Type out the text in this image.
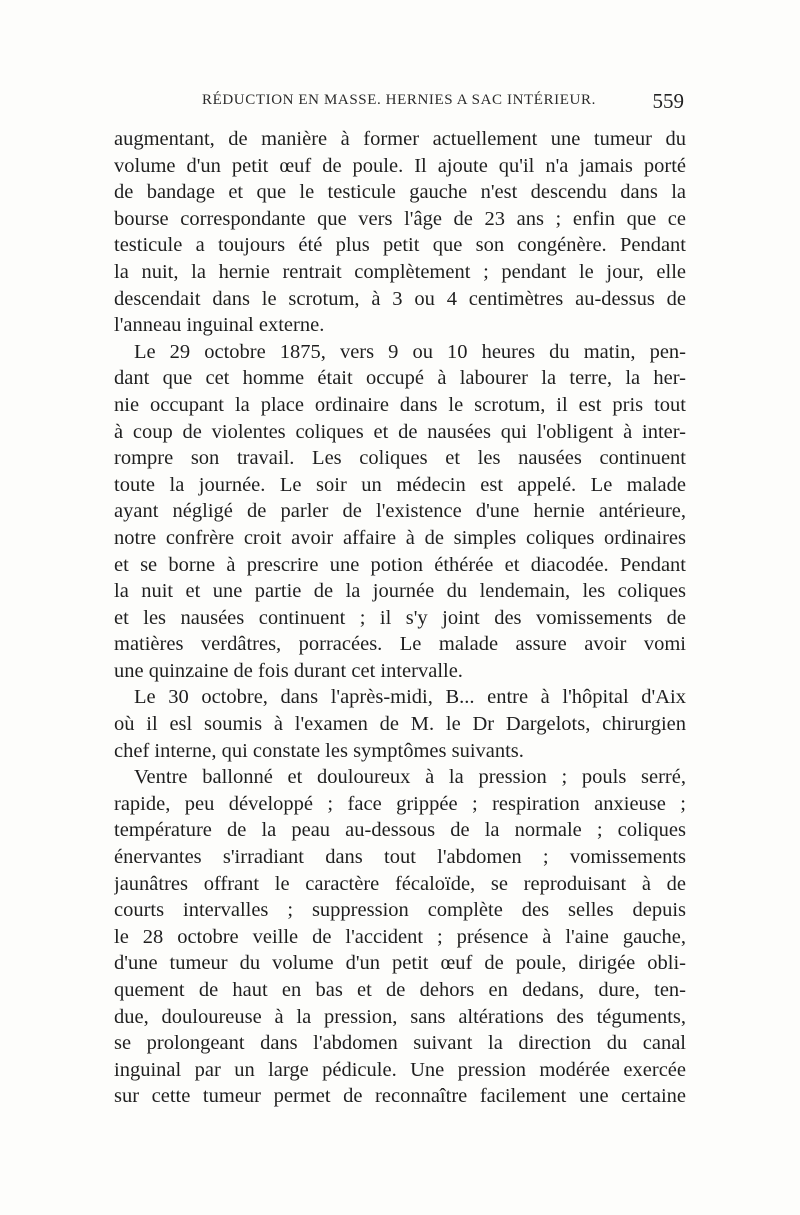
RÉDUCTION EN MASSE. HERNIES A SAC INTÉRIEUR.	559
augmentant, de manière à former actuellement une tumeur du
volume d'un petit œuf de poule. Il ajoute qu'il n'a jamais porté
de bandage et que le testicule gauche n'est descendu dans la
bourse correspondante que vers l'âge de 23 ans ; enfin que ce
testicule a toujours été plus petit que son congénère. Pendant
la nuit, la hernie rentrait complètement ; pendant le jour, elle
descendait dans le scrotum, à 3 ou 4 centimètres au-dessus de
l'anneau inguinal externe.
Le 29 octobre 1875, vers 9 ou 10 heures du matin, pen-
dant que cet homme était occupé à labourer la terre, la her-
nie occupant la place ordinaire dans le scrotum, il est pris tout
à coup de violentes coliques et de nausées qui l'obligent à inter-
rompre son travail. Les coliques et les nausées continuent
toute la journée. Le soir un médecin est appelé. Le malade
ayant négligé de parler de l'existence d'une hernie antérieure,
notre confrère croit avoir affaire à de simples coliques ordinaires
et se borne à prescrire une potion éthérée et diacodée. Pendant
la nuit et une partie de la journée du lendemain, les coliques
et les nausées continuent ; il s'y joint des vomissements de
matières verdâtres, porracées. Le malade assure avoir vomi
une quinzaine de fois durant cet intervalle.
Le 30 octobre, dans l'après-midi, B... entre à l'hôpital d'Aix
où il esl soumis à l'examen de M. le Dr Dargelots, chirurgien
chef interne, qui constate les symptômes suivants.
Ventre ballonné et douloureux à la pression ; pouls serré,
rapide, peu développé ; face grippée ; respiration anxieuse ;
température de la peau au-dessous de la normale ; coliques
énervantes s'irradiant dans tout l'abdomen ; vomissements
jaunâtres offrant le caractère fécaloïde, se reproduisant à de
courts intervalles ; suppression complète des selles depuis
le 28 octobre veille de l'accident ; présence à l'aine gauche,
d'une tumeur du volume d'un petit œuf de poule, dirigée obli-
quement de haut en bas et de dehors en dedans, dure, ten-
due, douloureuse à la pression, sans altérations des téguments,
se prolongeant dans l'abdomen suivant la direction du canal
inguinal par un large pédicule. Une pression modérée exercée
sur cette tumeur permet de reconnaître facilement une certaine
